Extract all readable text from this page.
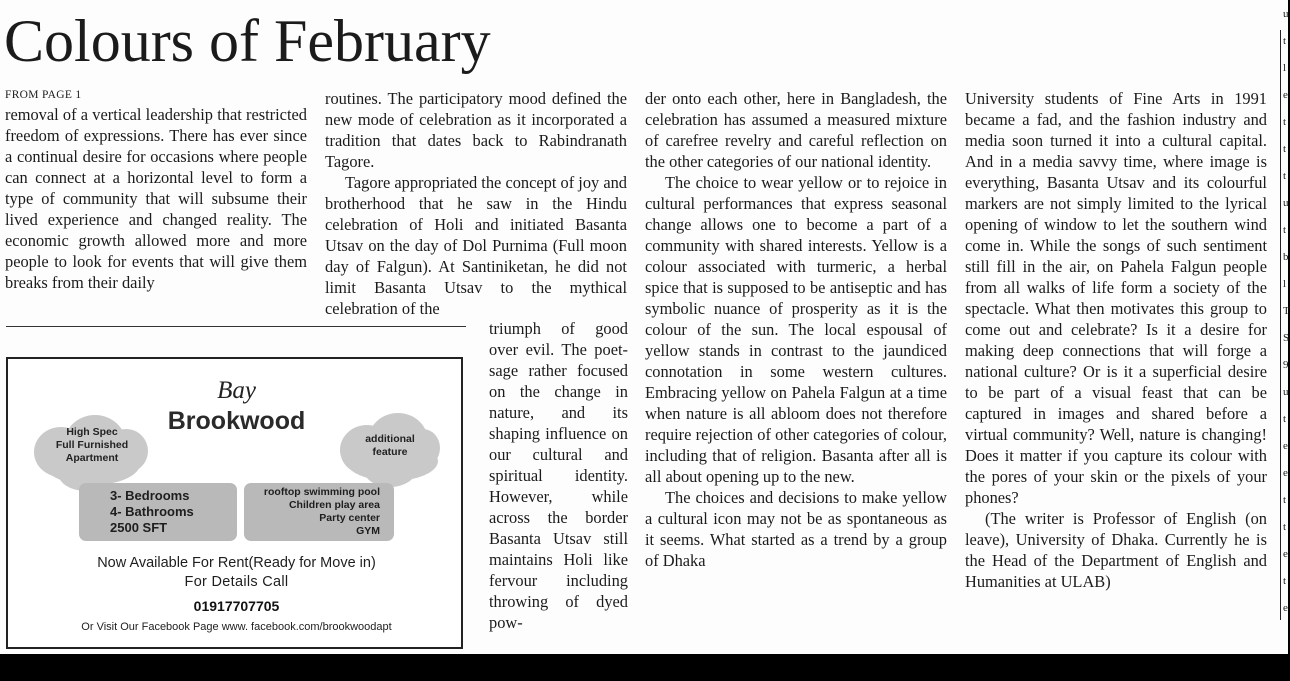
Colours of February
FROM PAGE 1

removal of a vertical leadership that restricted freedom of expressions. There has ever since a continual desire for occasions where people can connect at a horizontal level to form a type of community that will subsume their lived experience and changed reality. The economic growth allowed more and more people to look for events that will give them breaks from their daily

routines. The participatory mood defined the new mode of celebration as it incorporated a tradition that dates back to Rabindranath Tagore.

Tagore appropriated the concept of joy and brotherhood that he saw in the Hindu celebration of Holi and initiated Basanta Utsav on the day of Dol Purnima (Full moon day of Falgun). At Santiniketan, he did not limit Basanta Utsav to the mythical celebration of the

triumph of good over evil. The poet-sage rather focused on the change in nature, and its shaping influence on our cultural and spiritual identity. However, while across the border Basanta Utsav still maintains Holi like fervour including throwing of dyed pow-

der onto each other, here in Bangladesh, the celebration has assumed a measured mixture of carefree revelry and careful reflection on the other categories of our national identity.

The choice to wear yellow or to rejoice in cultural performances that express seasonal change allows one to become a part of a community with shared interests. Yellow is a colour associated with turmeric, a herbal spice that is supposed to be antiseptic and has symbolic nuance of prosperity as it is the colour of the sun. The local espousal of yellow stands in contrast to the jaundiced connotation in some western cultures. Embracing yellow on Pahela Falgun at a time when nature is all abloom does not therefore require rejection of other categories of colour, including that of religion. Basanta after all is all about opening up to the new.

The choices and decisions to make yellow a cultural icon may not be as spontaneous as it seems. What started as a trend by a group of Dhaka

University students of Fine Arts in 1991 became a fad, and the fashion industry and media soon turned it into a cultural capital. And in a media savvy time, where image is everything, Basanta Utsav and its colourful markers are not simply limited to the lyrical opening of window to let the southern wind come in. While the songs of such sentiment still fill in the air, on Pahela Falgun people from all walks of life form a society of the spectacle. What then motivates this group to come out and celebrate? Is it a desire for making deep connections that will forge a national culture? Or is it a superficial desire to be part of a visual feast that can be captured in images and shared before a virtual community? Well, nature is changing! Does it matter if you capture its colour with the pores of your skin or the pixels of your phones?

(The writer is Professor of English (on leave), University of Dhaka. Currently he is the Head of the Department of English and Humanities at ULAB)

Bay
Brookwood
High Spec
Full Furnished
Apartment
additional
feature
3- Bedrooms
4- Bathrooms
2500 SFT
rooftop swimming pool
Children play area
Party center
GYM
Now Available For Rent(Ready for Move in)
For Details Call
01917707705
Or Visit Our Facebook Page www. facebook.com/brookwoodapt
u
t
l
e
t
t
t
u
t
b
l
T
S
9
u
t
e
e
t
t
e
t
e
